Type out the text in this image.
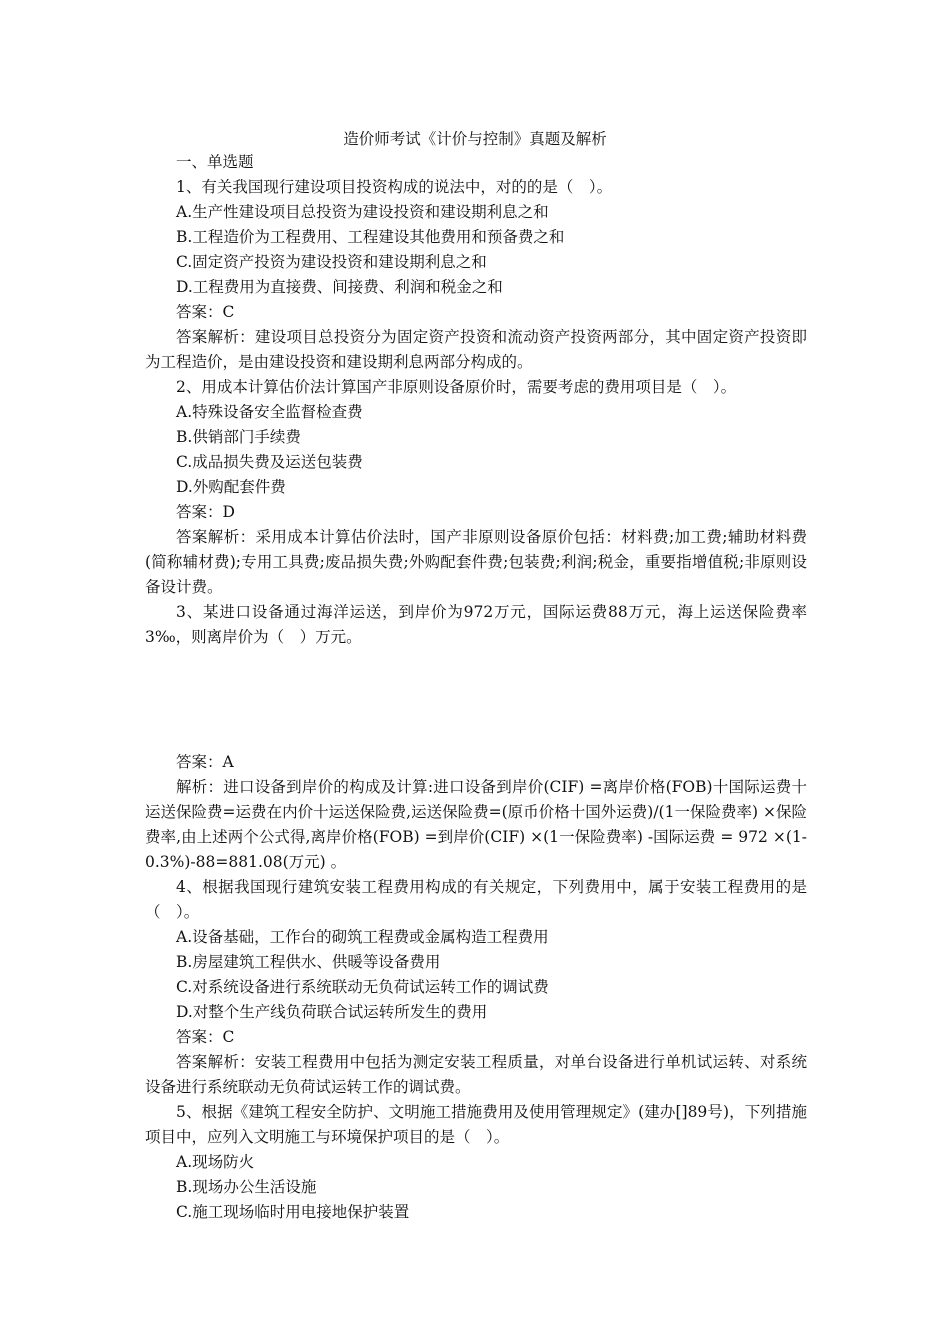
造价师考试《计价与控制》真题及解析

一、单选题

1、有关我国现行建设项目投资构成的说法中，对的的是（　）。

A.生产性建设项目总投资为建设投资和建设期利息之和

B.工程造价为工程费用、工程建设其他费用和预备费之和

C.固定资产投资为建设投资和建设期利息之和

D.工程费用为直接费、间接费、利润和税金之和

答案：C

答案解析：建设项目总投资分为固定资产投资和流动资产投资两部分，其中固定资产投资即为工程造价，是由建设投资和建设期利息两部分构成的。

2、用成本计算估价法计算国产非原则设备原价时，需要考虑的费用项目是（　）。

A.特殊设备安全监督检查费

B.供销部门手续费

C.成品损失费及运送包装费

D.外购配套件费

答案：D

答案解析：采用成本计算估价法时，国产非原则设备原价包括：材料费;加工费;辅助材料费(简称辅材费);专用工具费;废品损失费;外购配套件费;包装费;利润;税金，重要指增值税;非原则设备设计费。

3、某进口设备通过海洋运送，到岸价为972万元，国际运费88万元，海上运送保险费率3‰，则离岸价为（　）万元。

答案：A

解析：进口设备到岸价的构成及计算:进口设备到岸价(CIF) =离岸价格(FOB)十国际运费十运送保险费=运费在内价十运送保险费,运送保险费=(原币价格十国外运费)/(1一保险费率) ×保险费率,由上述两个公式得,离岸价格(FOB) =到岸价(CIF) ×(1一保险费率) -国际运费 = 972 ×(1-0.3%)-88=881.08(万元) 。

4、根据我国现行建筑安装工程费用构成的有关规定，下列费用中，属于安装工程费用的是（　）。

A.设备基础，工作台的砌筑工程费或金属构造工程费用

B.房屋建筑工程供水、供暖等设备费用

C.对系统设备进行系统联动无负荷试运转工作的调试费

D.对整个生产线负荷联合试运转所发生的费用

答案：C

答案解析：安装工程费用中包括为测定安装工程质量，对单台设备进行单机试运转、对系统设备进行系统联动无负荷试运转工作的调试费。

5、根据《建筑工程安全防护、文明施工措施费用及使用管理规定》(建办[]89号)，下列措施项目中，应列入文明施工与环境保护项目的是（　）。

A.现场防火

B.现场办公生活设施

C.施工现场临时用电接地保护装置
